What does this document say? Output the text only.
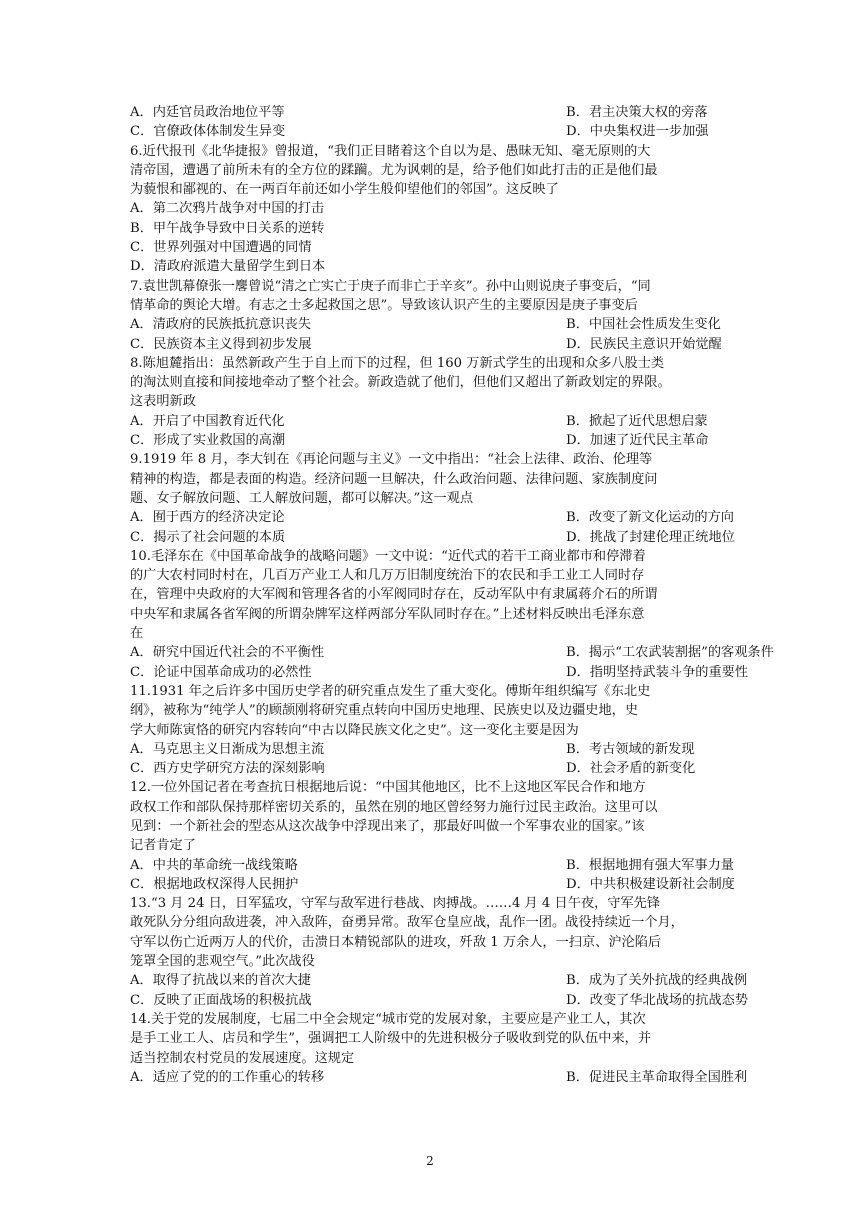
A．内廷官员政治地位平等	B．君主决策大权的旁落
C．官僚政体体制发生异变	D．中央集权进一步加强
6.近代报刊《北华捷报》曾报道，“我们正目睹着这个自以为是、愚昧无知、毫无原则的大
清帝国，遭遇了前所未有的全方位的蹂躏。尤为讽刺的是，给予他们如此打击的正是他们最
为藐恨和鄙视的、在一两百年前还如小学生般仰望他们的邻国”。这反映了
A．第二次鸦片战争对中国的打击
B．甲午战争导致中日关系的逆转
C．世界列强对中国遭遇的同情
D．清政府派遣大量留学生到日本
7.袁世凯幕僚张一麐曾说“清之亡实亡于庚子而非亡于辛亥”。孙中山则说庚子事变后，“同
情革命的舆论大增。有志之士多起救国之思”。导致该认识产生的主要原因是庚子事变后
A．清政府的民族抵抗意识丧失	B．中国社会性质发生变化
C．民族资本主义得到初步发展	D．民族民主意识开始觉醒
8.陈旭麓指出：虽然新政产生于自上而下的过程，但 160 万新式学生的出现和众多八股士类
的淘汰则直接和间接地牵动了整个社会。新政造就了他们，但他们又超出了新政划定的界限。
这表明新政
A．开启了中国教育近代化	B．掀起了近代思想启蒙
C．形成了实业救国的高潮	D．加速了近代民主革命
9.1919 年 8 月，李大钊在《再论问题与主义》一文中指出：“社会上法律、政治、伦理等
精神的构造，都是表面的构造。经济问题一旦解决，什么政治问题、法律问题、家族制度问
题、女子解放问题、工人解放问题，都可以解决。”这一观点
A．囿于西方的经济决定论	B．改变了新文化运动的方向
C．揭示了社会问题的本质	D．挑战了封建伦理正统地位
10.毛泽东在《中国革命战争的战略问题》一文中说：“近代式的若干工商业都市和停滞着
的广大农村同时村在，几百万产业工人和几万万旧制度统治下的农民和手工业工人同时存
在，管理中央政府的大军阀和管理各省的小军阀同时存在，反动军队中有隶属蒋介石的所谓
中央军和隶属各省军阀的所谓杂牌军这样两部分军队同时存在。”上述材料反映出毛泽东意
在
A．研究中国近代社会的不平衡性	B．揭示“工农武装割据”的客观条件
C．论证中国革命成功的必然性	D．指明坚持武装斗争的重要性
11.1931 年之后许多中国历史学者的研究重点发生了重大变化。傅斯年组织编写《东北史
纲》，被称为“纯学人”的顾颉刚将研究重点转向中国历史地理、民族史以及边疆史地，史
学大师陈寅恪的研究内容转向“中古以降民族文化之史”。这一变化主要是因为
A．马克思主义日渐成为思想主流	B．考古领域的新发现
C．西方史学研究方法的深刻影响	D．社会矛盾的新变化
12.一位外国记者在考查抗日根据地后说：“中国其他地区，比不上这地区军民合作和地方
政权工作和部队保持那样密切关系的，虽然在别的地区曾经努力施行过民主政治。这里可以
见到：一个新社会的型态从这次战争中浮现出来了，那最好叫做一个军事农业的国家。”该
记者肯定了
A．中共的革命统一战线策略	B．根据地拥有强大军事力量
C．根据地政权深得人民拥护	D．中共积极建设新社会制度
13.“3 月 24 日，日军猛攻，守军与敌军进行巷战、肉搏战。……4 月 4 日午夜，守军先锋
敢死队分分组向敌进袭，冲入敌阵，奋勇异常。敌军仓皇应战，乱作一团。战役持续近一个月，
守军以伤亡近两万人的代价，击溃日本精锐部队的进攻，歼敌 1 万余人，一扫京、沪沦陷后
笼罩全国的悲观空气。”此次战役
A．取得了抗战以来的首次大捷	B．成为了关外抗战的经典战例
C．反映了正面战场的积极抗战	D．改变了华北战场的抗战态势
14.关于党的发展制度，七届二中全会规定“城市党的发展对象，主要应是产业工人，其次
是手工业工人、店员和学生”，强调把工人阶级中的先进积极分子吸收到党的队伍中来，并
适当控制农村党员的发展速度。这规定
A．适应了党的的工作重心的转移	B．促进民主革命取得全国胜利
2
